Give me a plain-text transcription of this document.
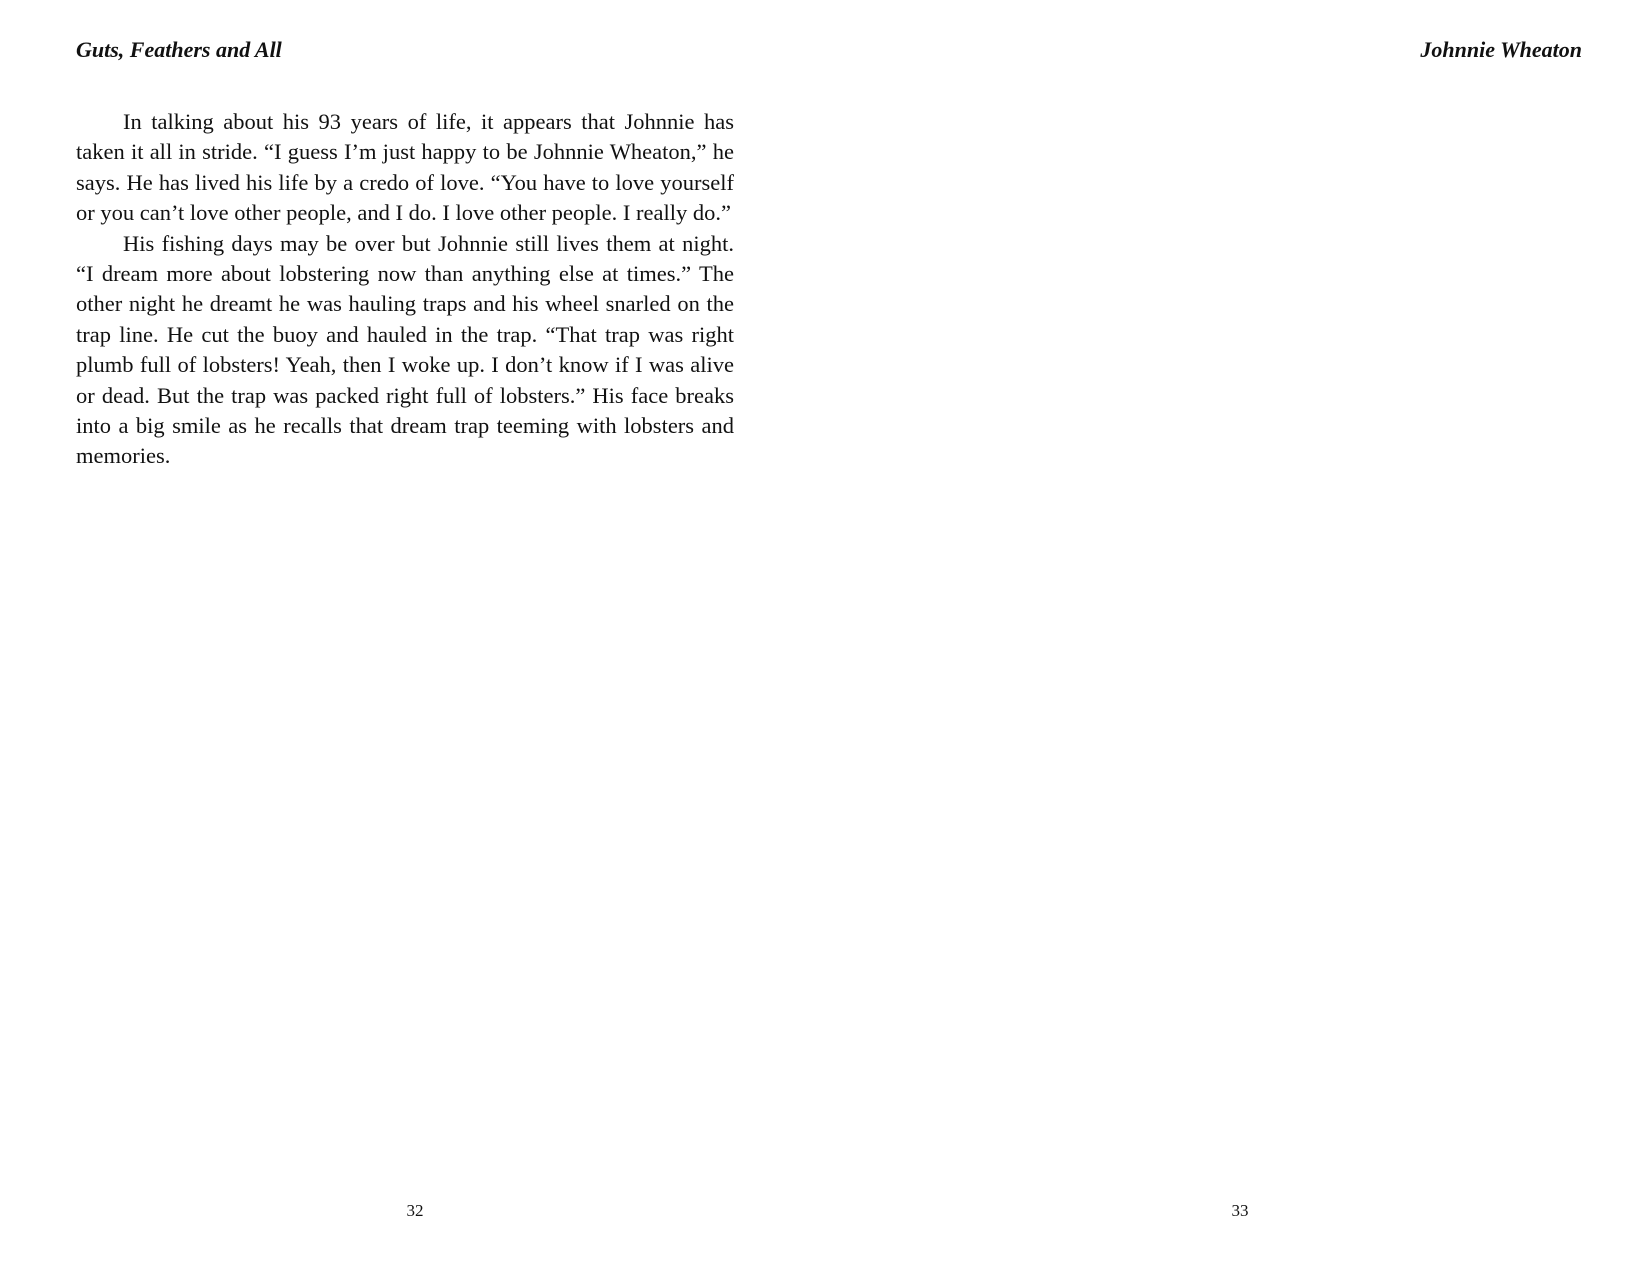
Guts, Feathers and All

In talking about his 93 years of life, it appears that Johnnie has taken it all in stride. “I guess I’m just happy to be Johnnie Wheaton,” he says. He has lived his life by a credo of love. “You have to love yourself or you can’t love other people, and I do. I love other people. I really do.”

His fishing days may be over but Johnnie still lives them at night. “I dream more about lobstering now than anything else at times.” The other night he dreamt he was hauling traps and his wheel snarled on the trap line. He cut the buoy and hauled in the trap. “That trap was right plumb full of lobsters! Yeah, then I woke up. I don’t know if I was alive or dead. But the trap was packed right full of lobsters.” His face breaks into a big smile as he recalls that dream trap teeming with lobsters and memories.

32
Johnnie Wheaton
33
